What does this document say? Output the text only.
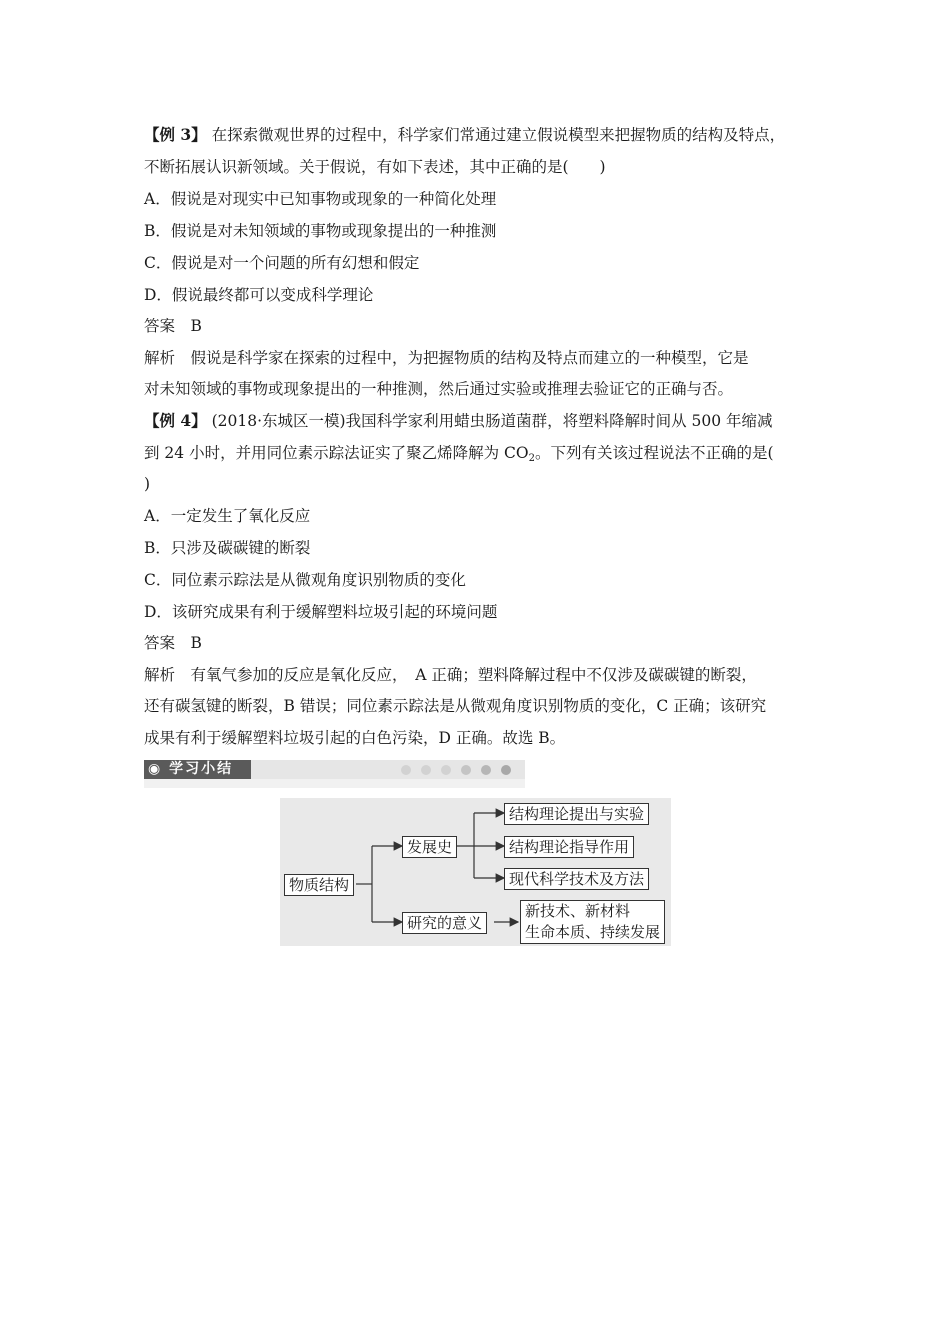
【例 3】 在探索微观世界的过程中，科学家们常通过建立假说模型来把握物质的结构及特点，
不断拓展认识新领域。关于假说，有如下表述，其中正确的是(　　)
A．假说是对现实中已知事物或现象的一种简化处理
B．假说是对未知领域的事物或现象提出的一种推测
C．假说是对一个问题的所有幻想和假定
D．假说最终都可以变成科学理论
答案　B
解析　假说是科学家在探索的过程中，为把握物质的结构及特点而建立的一种模型，它是
对未知领域的事物或现象提出的一种推测，然后通过实验或推理去验证它的正确与否。
【例 4】 (2018·东城区一模)我国科学家利用蜡虫肠道菌群，将塑料降解时间从 500 年缩减
到 24 小时，并用同位素示踪法证实了聚乙烯降解为 $CO_2$。下列有关该过程说法不正确的是(
)
A．一定发生了氧化反应
B．只涉及碳碳键的断裂
C．同位素示踪法是从微观角度识别物质的变化
D．该研究成果有利于缓解塑料垃圾引起的环境问题
答案　B
解析　有氧气参加的反应是氧化反应，　A 正确；塑料降解过程中不仅涉及碳碳键的断裂，
还有碳氢键的断裂，B 错误；同位素示踪法是从微观角度识别物质的变化，C 正确；该研究
成果有利于缓解塑料垃圾引起的白色污染，D 正确。故选 B。
◉ 学习小结
物质结构
发展史
研究的意义
结构理论提出与实验
结构理论指导作用
现代科学技术及方法
新技术、新材料
生命本质、持续发展
